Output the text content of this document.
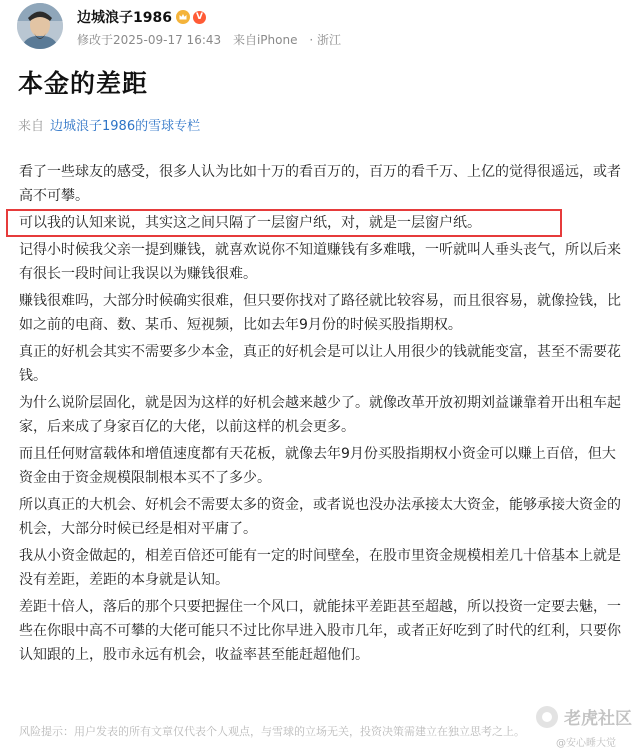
边城浪子1986	V
修改于2025-09-17 16:43 来自iPhone · 浙江
本金的差距
来自 边城浪子1986的雪球专栏

看了一些球友的感受，很多人认为比如十万的看百万的，百万的看千万、上亿的觉得很遥远，或者高不可攀。

可以我的认知来说，其实这之间只隔了一层窗户纸，对，就是一层窗户纸。

记得小时候我父亲一提到赚钱，就喜欢说你不知道赚钱有多难哦，一听就叫人垂头丧气，所以后来有很长一段时间让我误以为赚钱很难。

赚钱很难吗，大部分时候确实很难，但只要你找对了路径就比较容易，而且很容易，就像捡钱，比如之前的电商、数、某币、短视频，比如去年9月份的时候买股指期权。

真正的好机会其实不需要多少本金，真正的好机会是可以让人用很少的钱就能变富，甚至不需要花钱。

为什么说阶层固化，就是因为这样的好机会越来越少了。就像改革开放初期刘益谦靠着开出租车起家，后来成了身家百亿的大佬，以前这样的机会更多。

而且任何财富载体和增值速度都有天花板，就像去年9月份买股指期权小资金可以赚上百倍，但大资金由于资金规模限制根本买不了多少。

所以真正的大机会、好机会不需要太多的资金，或者说也没办法承接太大资金，能够承接大资金的机会，大部分时候已经是相对平庸了。

我从小资金做起的，相差百倍还可能有一定的时间壁垒，在股市里资金规模相差几十倍基本上就是没有差距，差距的本身就是认知。

差距十倍人，落后的那个只要把握住一个风口，就能抹平差距甚至超越，所以投资一定要去魅，一些在你眼中高不可攀的大佬可能只不过比你早进入股市几年，或者正好吃到了时代的红利，只要你认知跟的上，股市永远有机会，收益率甚至能赶超他们。

风险提示：用户发表的所有文章仅代表个人观点，与雪球的立场无关，投资决策需建立在独立思考之上。
老虎社区
@安心睡大觉
